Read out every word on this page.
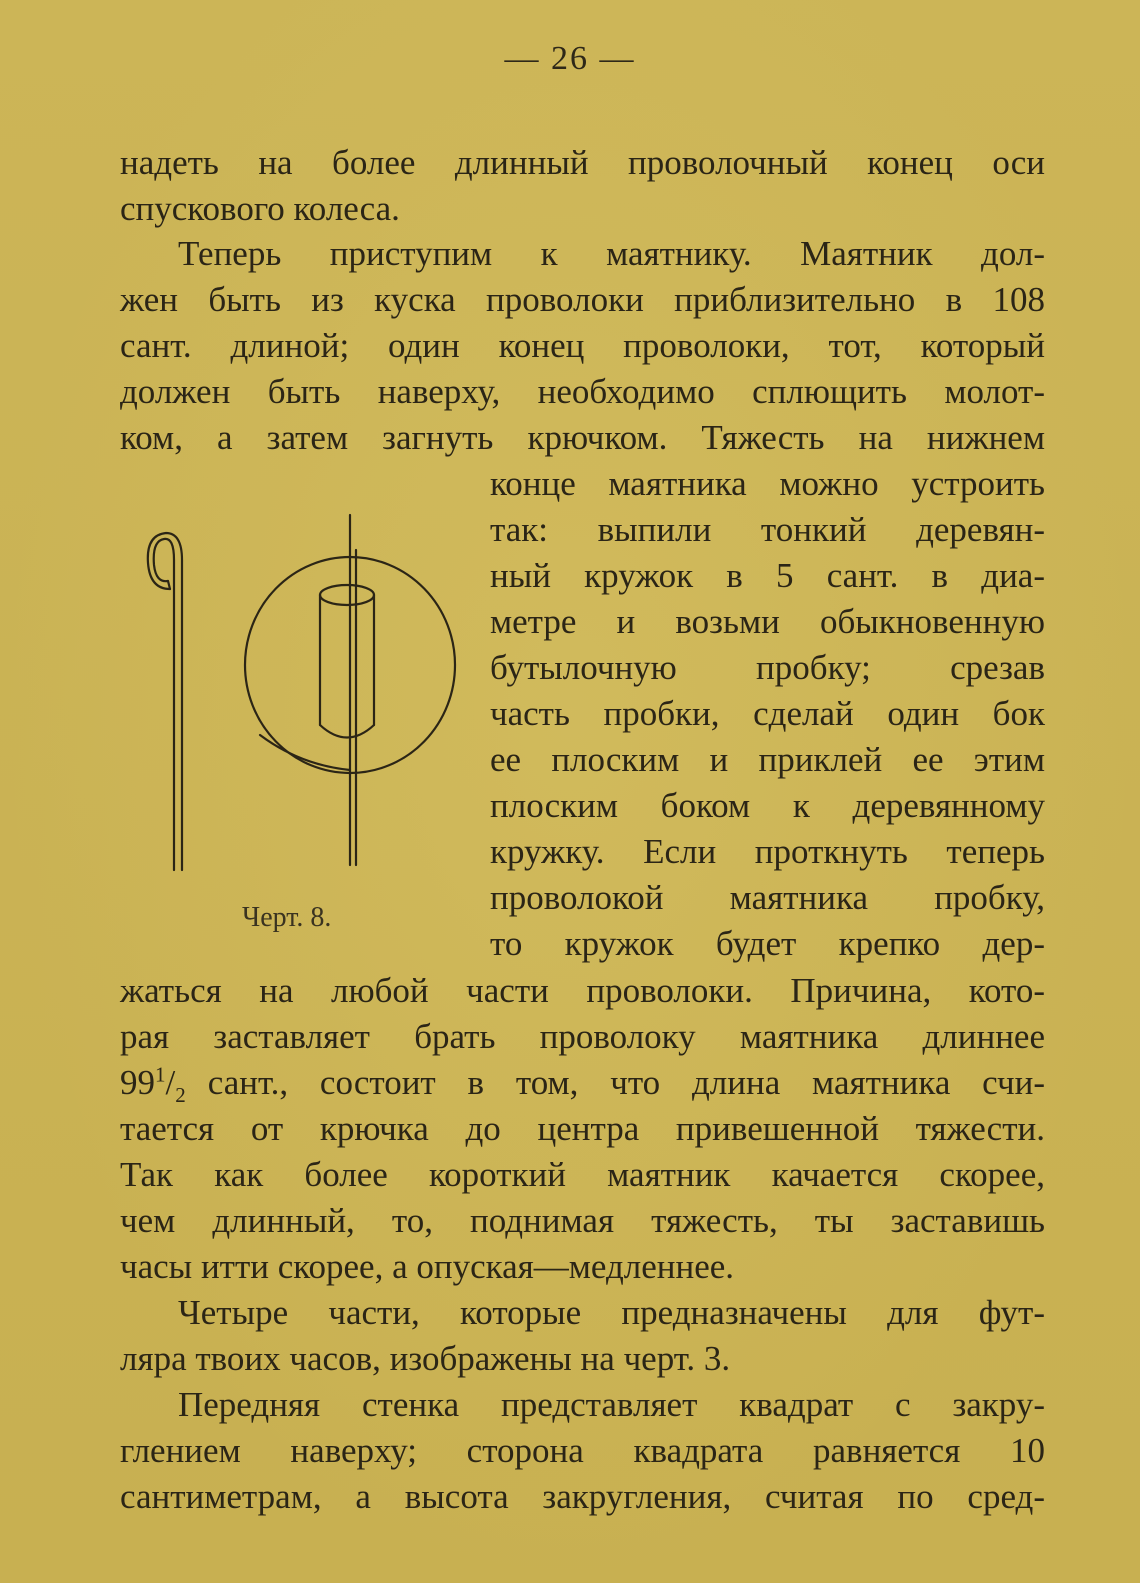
— 26 —
надеть на более длинный проволочный конец оси
спускового колеса.
Теперь приступим к маятнику. Маятник дол-
жен быть из куска проволоки приблизительно в 108
сант. длиной; один конец проволоки, тот, который
должен быть наверху, необходимо сплющить молот-
ком, а затем загнуть крючком. Тяжесть на нижнем
конце маятника можно устроить
так: выпили тонкий деревян-
ный кружок в 5 сант. в диа-
метре и возьми обыкновенную
бутылочную пробку; срезав
часть пробки, сделай один бок
ее плоским и приклей ее этим
плоским боком к деревянному
кружку. Если проткнуть теперь
проволокой маятника пробку,
то кружок будет крепко дер-
жаться на любой части проволоки. Причина, кото-
рая заставляет брать проволоку маятника длиннее
$99^1/_2$ сант., состоит в том, что длина маятника счи-
тается от крючка до центра привешенной тяжести.
Так как более короткий маятник качается скорее,
чем длинный, то, поднимая тяжесть, ты заставишь
часы итти скорее, а опуская—медленнее.
Четыре части, которые предназначены для фут-
ляра твоих часов, изображены на черт. 3.
Передняя стенка представляет квадрат с закру-
глением наверху; сторона квадрата равняется 10
сантиметрам, а высота закругления, считая по сред-
Черт. 8.
